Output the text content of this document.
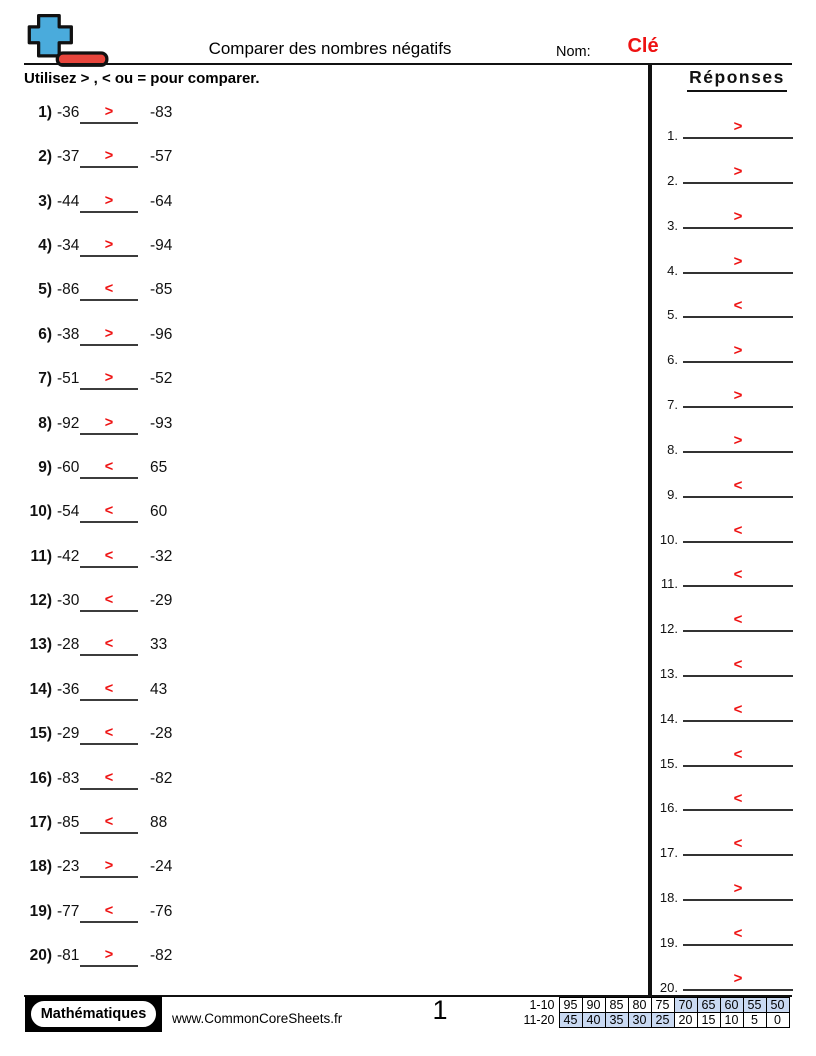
Comparer des nombres négatifs	Nom:	Clé
Utilisez > , < ou = pour comparer.	Réponses
1) -36	>	-83
2) -37	>	-57
3) -44	>	-64
4) -34	>	-94
5) -86	<	-85
6) -38	>	-96
7) -51	>	-52
8) -92	>	-93
9) -60	<	65
10) -54	<	60
11) -42	<	-32
12) -30	<	-29
13) -28	<	33
14) -36	<	43
15) -29	<	-28
16) -83	<	-82
17) -85	<	88
18) -23	>	-24
19) -77	<	-76
20) -81	>	-82
1.
>
2.
>
3.
>
4.
>
5.
<
6.
>
7.
>
8.
>
9.
<
10.
<
11.
<
12.
<
13.
<
14.
<
15.
<
16.
<
17.
<
18.
>
19.
<
20.
>
Mathématiques	www.CommonCoreSheets.fr	1	1-10	95	90	85	80	75	70	65	60	55	50
11-20	45	40	35	30	25	20	15	10	5	0
